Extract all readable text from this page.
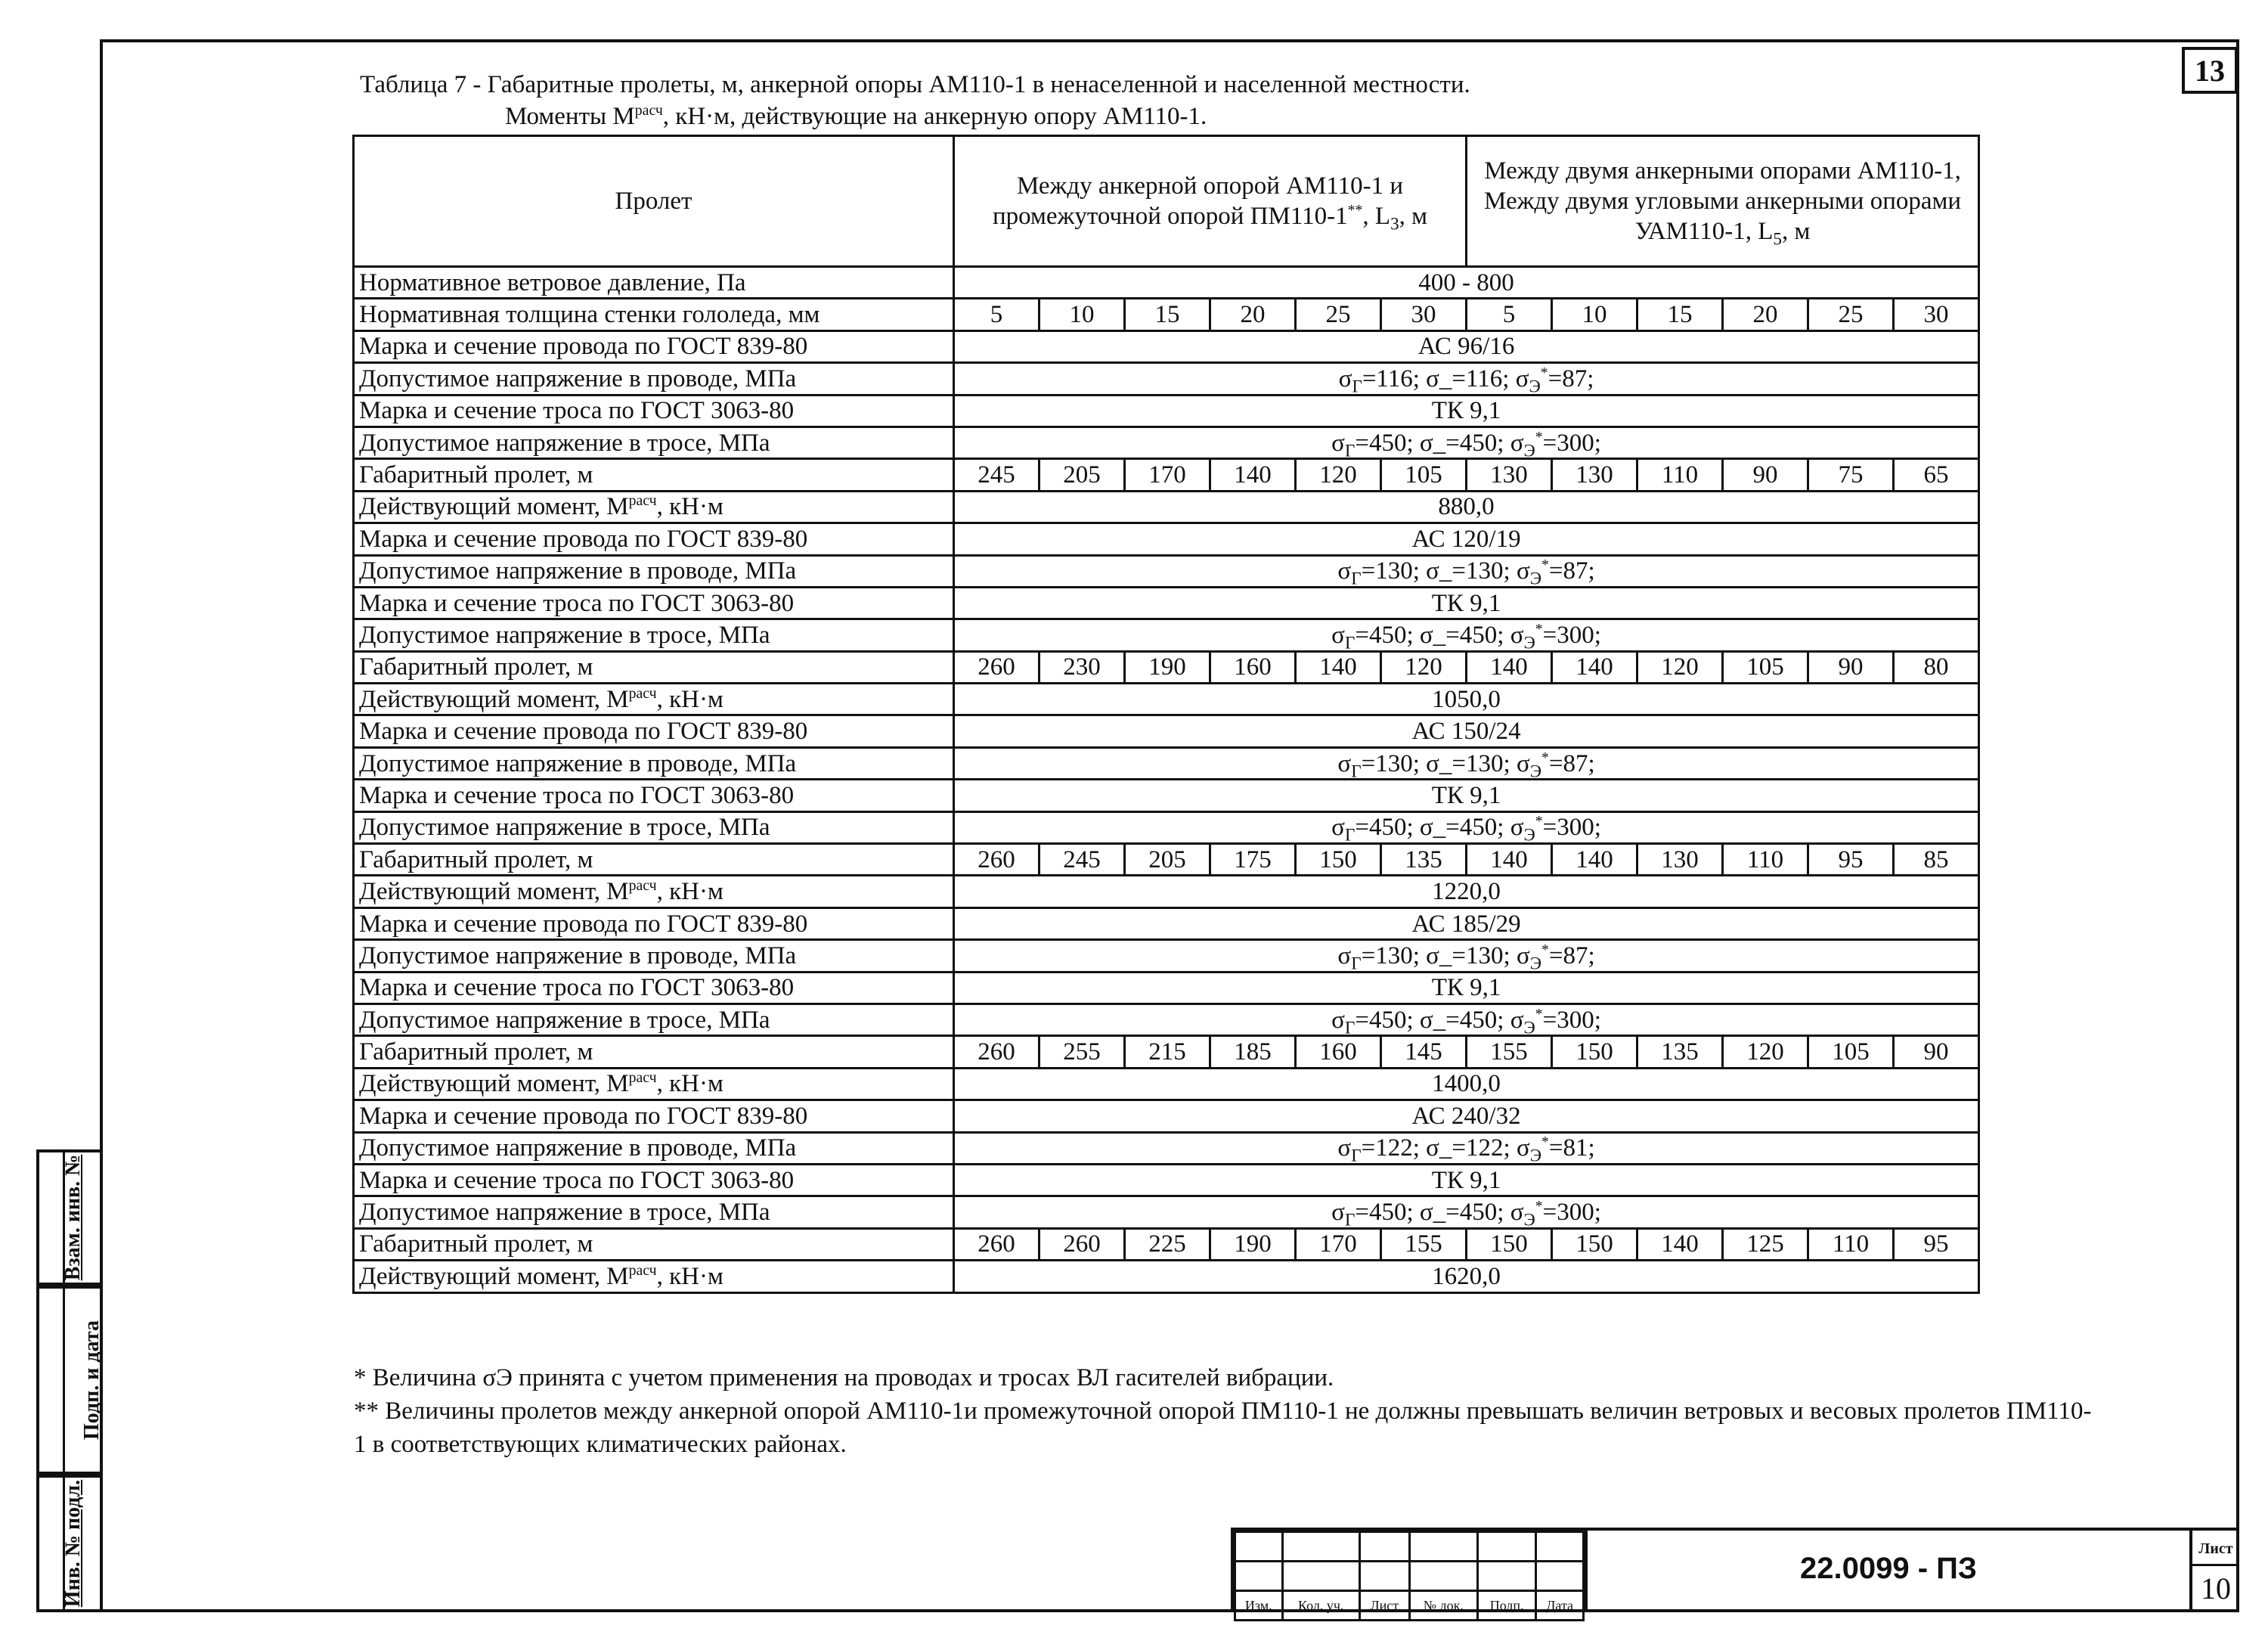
13
Взам. инв. №
Подп. и дата
Инв. № подл.
Таблица 7 - Габаритные пролеты, м, анкерной опоры АМ110-1 в ненаселенной и населенной местности.
Моменты $М^{расч}$, кН·м, действующие на анкерную опору АМ110-1.
Пролет	Между анкерной опорой АМ110-1 и промежуточной опорой ПМ110-1**, $L_3$, м						Между двумя анкерными опорами АМ110-1, Между двумя угловыми анкерными опорами УАМ110-1, $L_5$, м					
Нормативное ветровое давление, Па	400 - 800											
Нормативная толщина стенки гололеда, мм	5	10	15	20	25	30	5	10	15	20	25	30
Марка и сечение провода по ГОСТ 839-80	АС 96/16											
Допустимое напряжение в проводе, МПа	$\sigma_Г=116$; σ_=116; $\sigma_Э^*=87$;											
Марка и сечение троса по ГОСТ 3063-80	ТК 9,1											
Допустимое напряжение в тросе, МПа	$\sigma_Г=450$; σ_=450; $\sigma_Э^*=300$;											
Габаритный пролет, м	245	205	170	140	120	105	130	130	110	90	75	65
Действующий момент, $М^{расч}$, кН·м	880,0											
Марка и сечение провода по ГОСТ 839-80	АС 120/19											
Допустимое напряжение в проводе, МПа	$\sigma_Г=130$; σ_=130; $\sigma_Э^*=87$;											
Марка и сечение троса по ГОСТ 3063-80	ТК 9,1											
Допустимое напряжение в тросе, МПа	$\sigma_Г=450$; σ_=450; $\sigma_Э^*=300$;											
Габаритный пролет, м	260	230	190	160	140	120	140	140	120	105	90	80
Действующий момент, $М^{расч}$, кН·м	1050,0											
Марка и сечение провода по ГОСТ 839-80	АС 150/24											
Допустимое напряжение в проводе, МПа	$\sigma_Г=130$; σ_=130; $\sigma_Э^*=87$;											
Марка и сечение троса по ГОСТ 3063-80	ТК 9,1											
Допустимое напряжение в тросе, МПа	$\sigma_Г=450$; σ_=450; $\sigma_Э^*=300$;											
Габаритный пролет, м	260	245	205	175	150	135	140	140	130	110	95	85
Действующий момент, $М^{расч}$, кН·м	1220,0											
Марка и сечение провода по ГОСТ 839-80	АС 185/29											
Допустимое напряжение в проводе, МПа	$\sigma_Г=130$; σ_=130; $\sigma_Э^*=87$;											
Марка и сечение троса по ГОСТ 3063-80	ТК 9,1											
Допустимое напряжение в тросе, МПа	$\sigma_Г=450$; σ_=450; $\sigma_Э^*=300$;											
Габаритный пролет, м	260	255	215	185	160	145	155	150	135	120	105	90
Действующий момент, $М^{расч}$, кН·м	1400,0											
Марка и сечение провода по ГОСТ 839-80	АС 240/32											
Допустимое напряжение в проводе, МПа	$\sigma_Г=122$; σ_=122; $\sigma_Э^*=81$;											
Марка и сечение троса по ГОСТ 3063-80	ТК 9,1											
Допустимое напряжение в тросе, МПа	$\sigma_Г=450$; σ_=450; $\sigma_Э^*=300$;											
Габаритный пролет, м	260	260	225	190	170	155	150	150	140	125	110	95
Действующий момент, $М^{расч}$, кН·м	1620,0											
* Величина σЭ принята с учетом применения на проводах и тросах ВЛ гасителей вибрации.
** Величины пролетов между анкерной опорой АМ110-1и промежуточной опорой ПМ110-1 не должны превышать величин ветровых и весовых пролетов ПМ110-1 в соответствующих климатических районах.

Изм.	Кол. уч.	Лист	№ док.	Подп.	Дата
22.0099 - ПЗ
Лист
10
